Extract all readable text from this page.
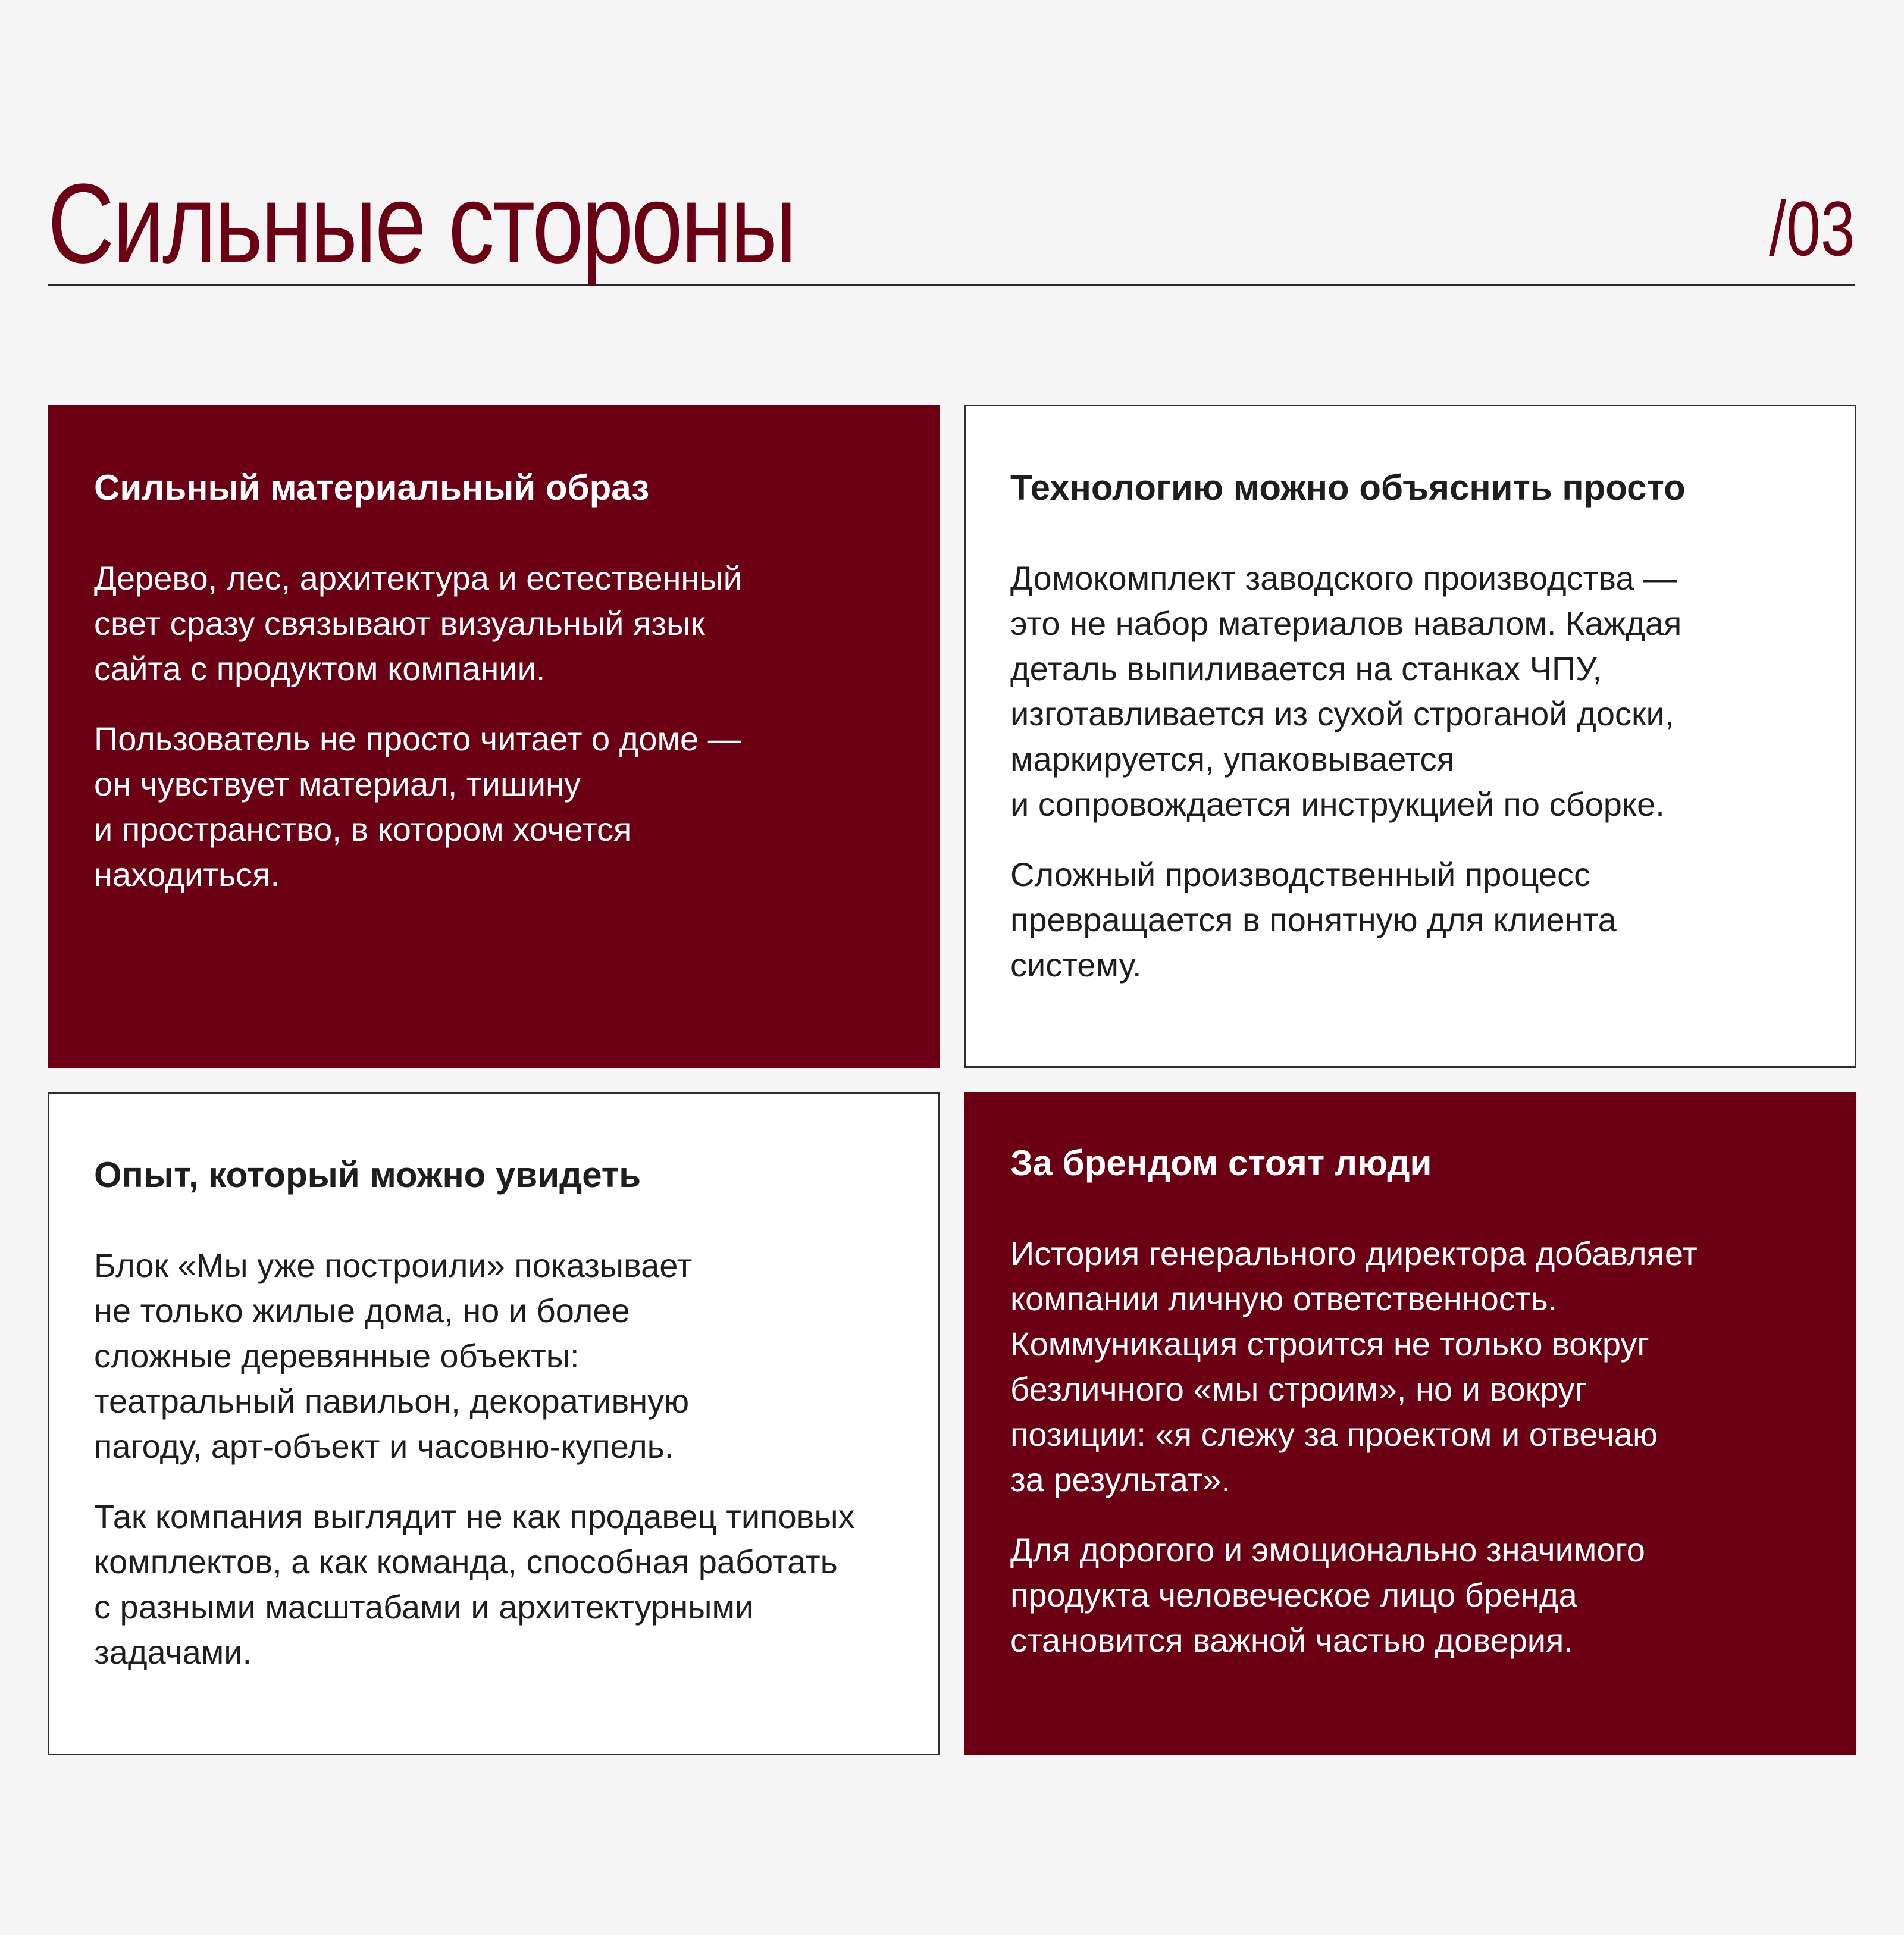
Сильные стороны	/03
Сильный материальный образ

Дерево, лес, архитектура и естественный
свет сразу связывают визуальный язык
сайта с продуктом компании.

Пользователь не просто читает о доме —
он чувствует материал, тишину
и пространство, в котором хочется
находиться.

Технологию можно объяснить просто

Домокомплект заводского производства —
это не набор материалов навалом. Каждая
деталь выпиливается на станках ЧПУ,
изготавливается из сухой строганой доски,
маркируется, упаковывается
и сопровождается инструкцией по сборке.

Сложный производственный процесс
превращается в понятную для клиента
систему.

Опыт, который можно увидеть

Блок «Мы уже построили» показывает
не только жилые дома, но и более
сложные деревянные объекты:
театральный павильон, декоративную
пагоду, арт-объект и часовню-купель.

Так компания выглядит не как продавец типовых
комплектов, а как команда, способная работать
с разными масштабами и архитектурными
задачами.

За брендом стоят люди

История генерального директора добавляет
компании личную ответственность.
Коммуникация строится не только вокруг
безличного «мы строим», но и вокруг
позиции: «я слежу за проектом и отвечаю
за результат».

Для дорогого и эмоционально значимого
продукта человеческое лицо бренда
становится важной частью доверия.
